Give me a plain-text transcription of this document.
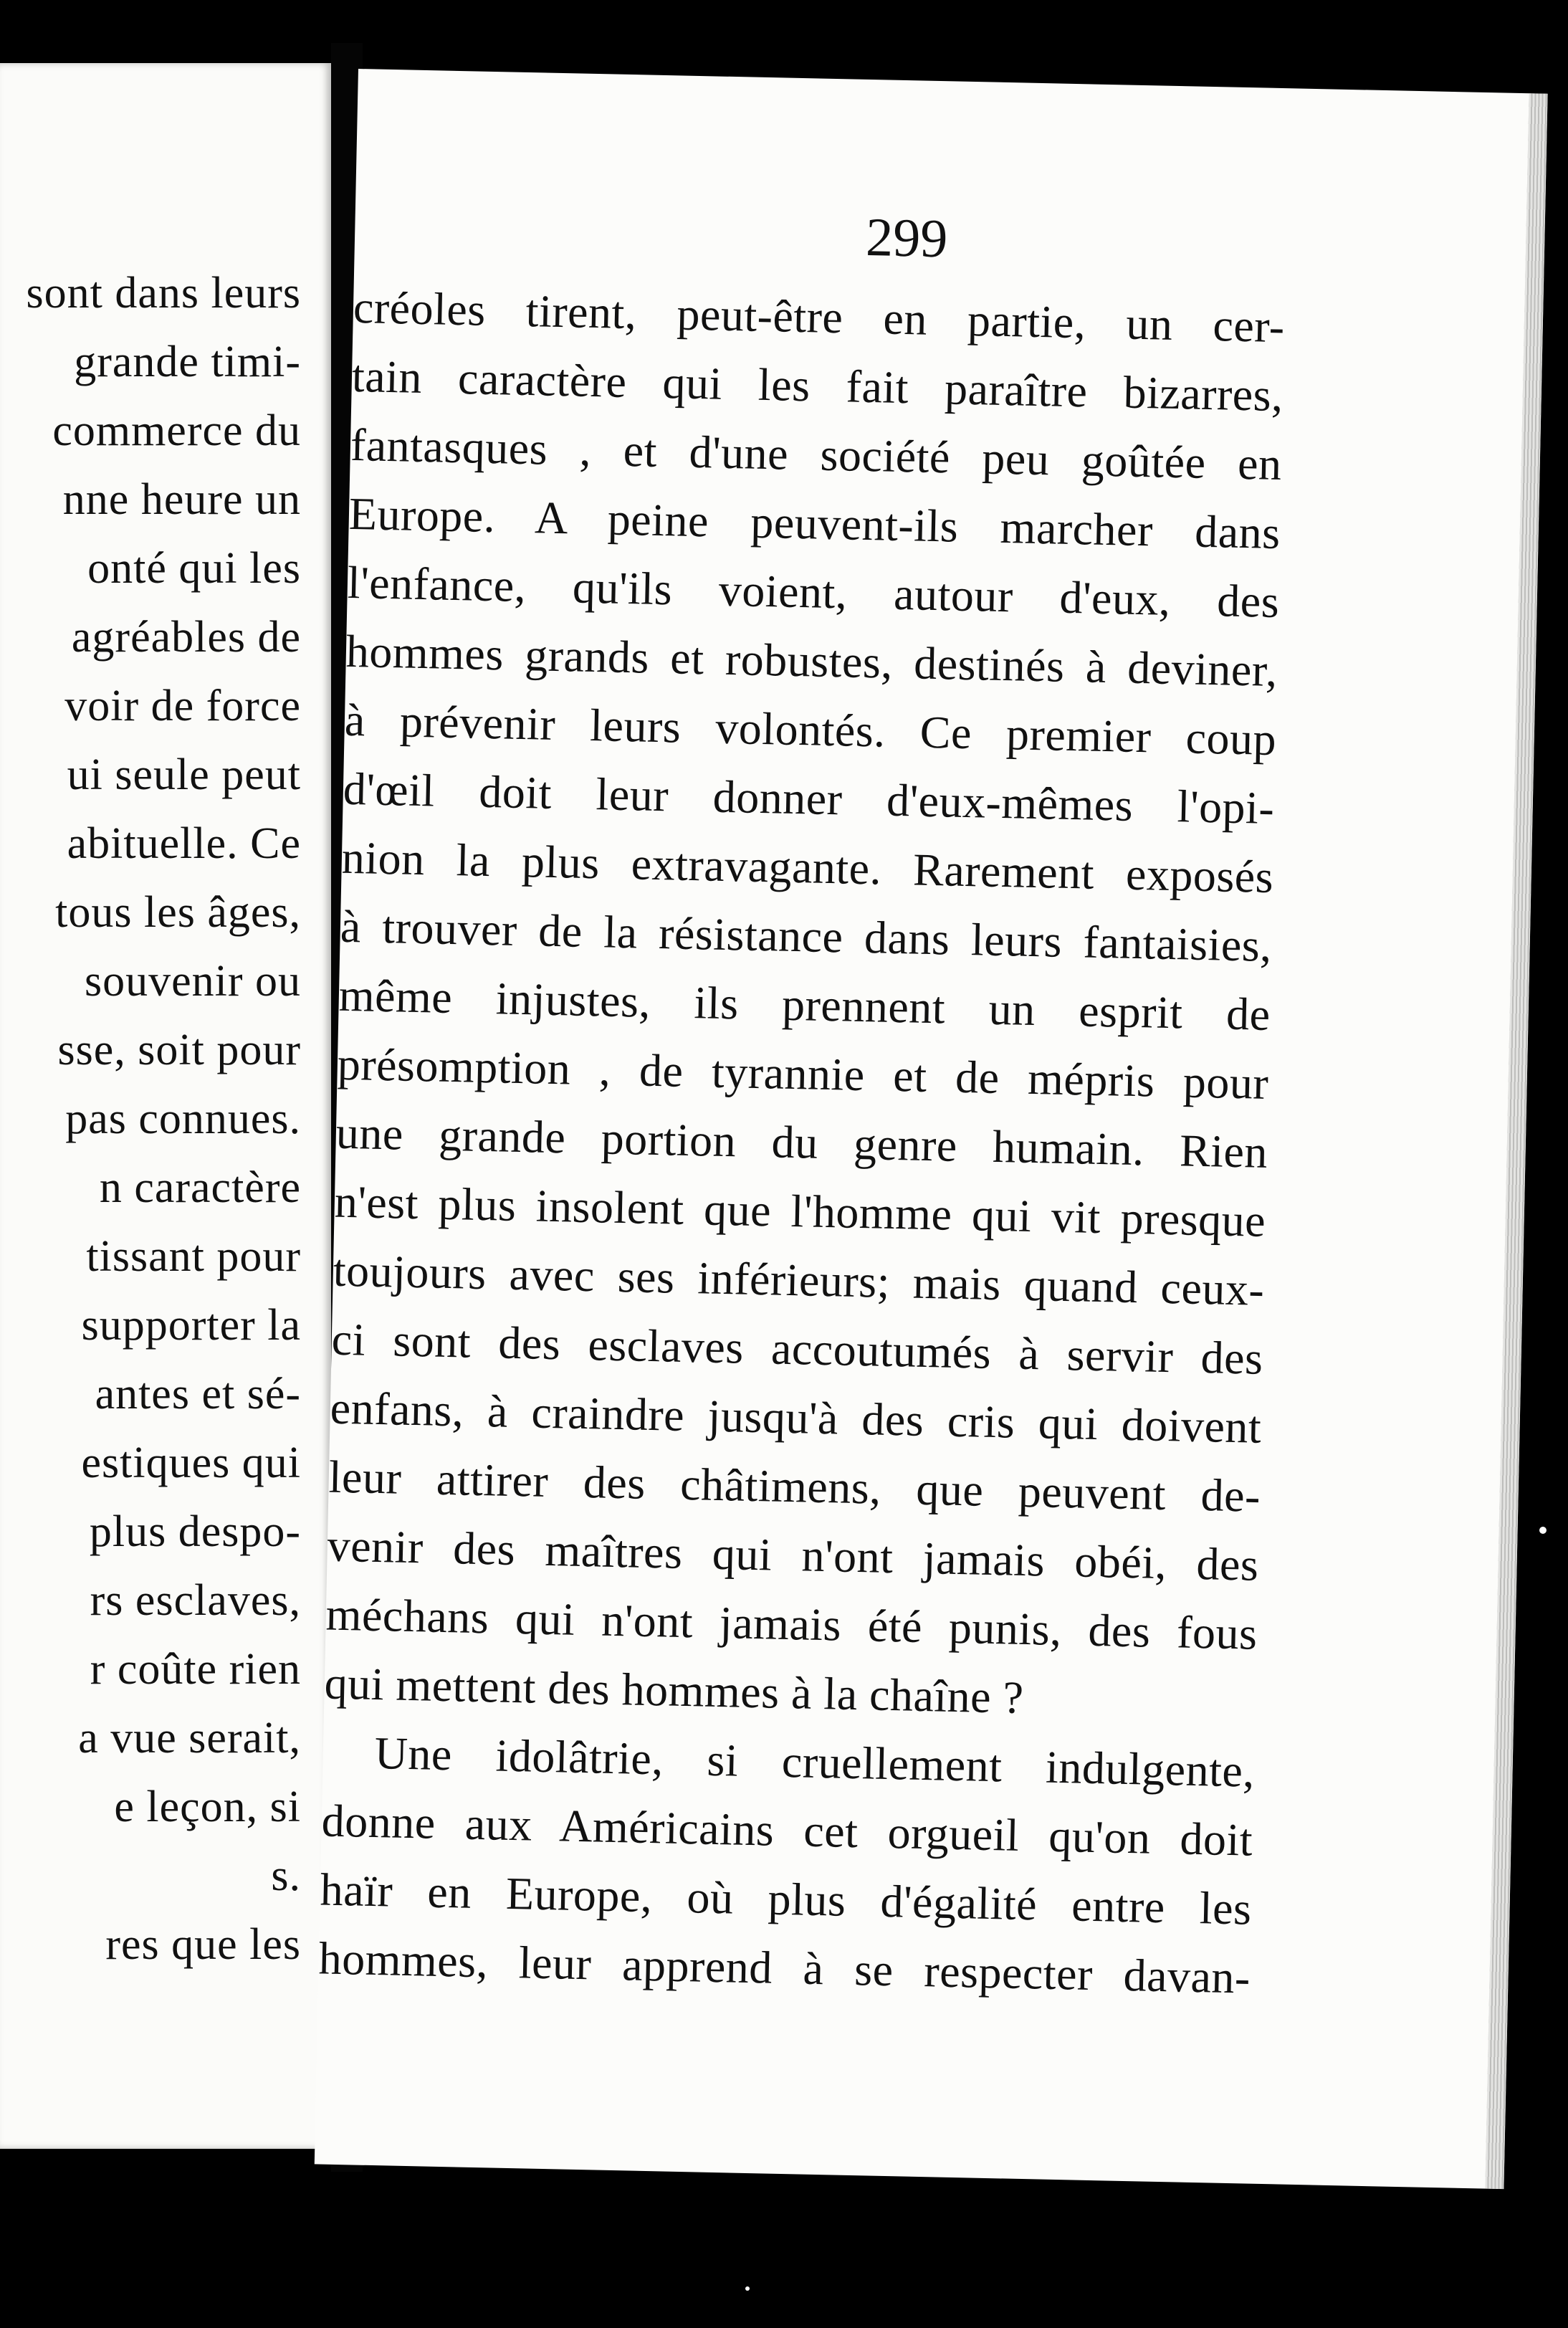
sont dans leurs
grande timi-
commerce du
nne heure un
onté qui les
agréables de
voir de force
ui seule peut
abituelle. Ce
tous les âges,
souvenir ou
sse, soit pour
pas connues.
n caractère
tissant pour
supporter la
antes et sé-
estiques qui
plus despo-
rs esclaves,
r coûte rien
a vue serait,
e leçon, si
s.
res que les
299
créoles tirent, peut-être en partie, un cer-
tain caractère qui les fait paraître bizarres,
fantasques , et d'une société peu goûtée en
Europe. A peine peuvent-ils marcher dans
l'enfance, qu'ils voient, autour d'eux, des
hommes grands et robustes, destinés à deviner,
à prévenir leurs volontés. Ce premier coup
d'œil doit leur donner d'eux-mêmes l'opi-
nion la plus extravagante. Rarement exposés
à trouver de la résistance dans leurs fantaisies,
même injustes, ils prennent un esprit de
présomption , de tyrannie et de mépris pour
une grande portion du genre humain. Rien
n'est plus insolent que l'homme qui vit presque
toujours avec ses inférieurs; mais quand ceux-
ci sont des esclaves accoutumés à servir des
enfans, à craindre jusqu'à des cris qui doivent
leur attirer des châtimens, que peuvent de-
venir des maîtres qui n'ont jamais obéi, des
méchans qui n'ont jamais été punis, des fous
qui mettent des hommes à la chaîne ?
Une idolâtrie, si cruellement indulgente,
donne aux Américains cet orgueil qu'on doit
haïr en Europe, où plus d'égalité entre les
hommes, leur apprend à se respecter davan-
